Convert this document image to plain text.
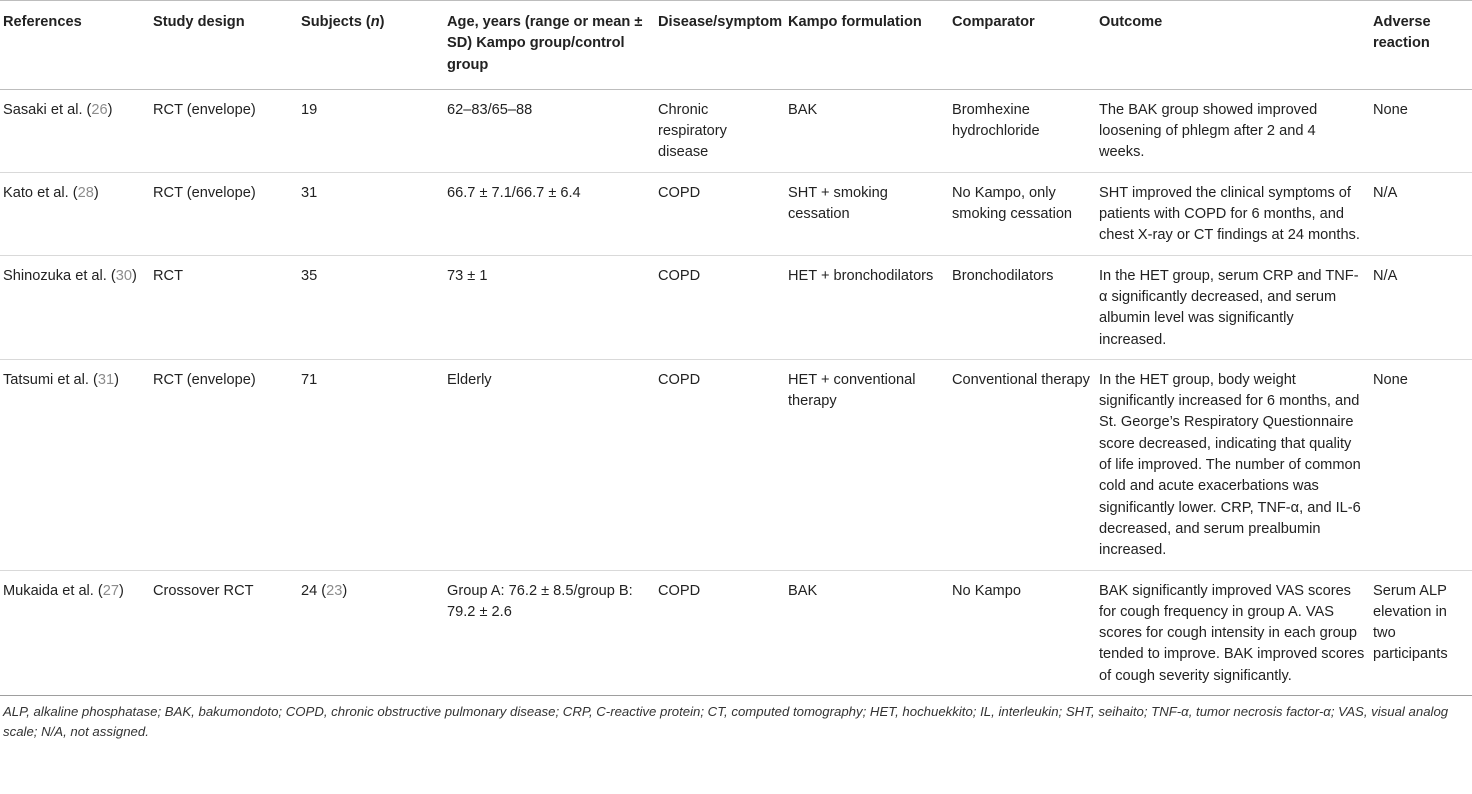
References	Study design	Subjects (n)	Age, years (range or mean ± SD) Kampo group/control group	Disease/symptom	Kampo formulation	Comparator	Outcome	Adverse reaction
Sasaki et al. (26)	RCT (envelope)	19	62–83/65–88	Chronic respiratory disease	BAK	Bromhexine hydrochloride	The BAK group showed improved loosening of phlegm after 2 and 4 weeks.	None
Kato et al. (28)	RCT (envelope)	31	66.7 ± 7.1/66.7 ± 6.4	COPD	SHT + smoking cessation	No Kampo, only smoking cessation	SHT improved the clinical symptoms of patients with COPD for 6 months, and chest X-ray or CT findings at 24 months.	N/A
Shinozuka et al. (30)	RCT	35	73 ± 1	COPD	HET + bronchodilators	Bronchodilators	In the HET group, serum CRP and TNF-α significantly decreased, and serum albumin level was significantly increased.	N/A
Tatsumi et al. (31)	RCT (envelope)	71	Elderly	COPD	HET + conventional therapy	Conventional therapy	In the HET group, body weight significantly increased for 6 months, and St. George’s Respiratory Questionnaire score decreased, indicating that quality of life improved. The number of common cold and acute exacerbations was significantly lower. CRP, TNF-α, and IL-6 decreased, and serum prealbumin increased.	None
Mukaida et al. (27)	Crossover RCT	24 (23)	Group A: 76.2 ± 8.5/group B: 79.2 ± 2.6	COPD	BAK	No Kampo	BAK significantly improved VAS scores for cough frequency in group A. VAS scores for cough intensity in each group tended to improve. BAK improved scores of cough severity significantly.	Serum ALP elevation in two participants
ALP, alkaline phosphatase; BAK, bakumondoto; COPD, chronic obstructive pulmonary disease; CRP, C-reactive protein; CT, computed tomography; HET, hochuekkito; IL, interleukin; SHT, seihaito; TNF-α, tumor necrosis factor-α; VAS, visual analog scale; N/A, not assigned.
